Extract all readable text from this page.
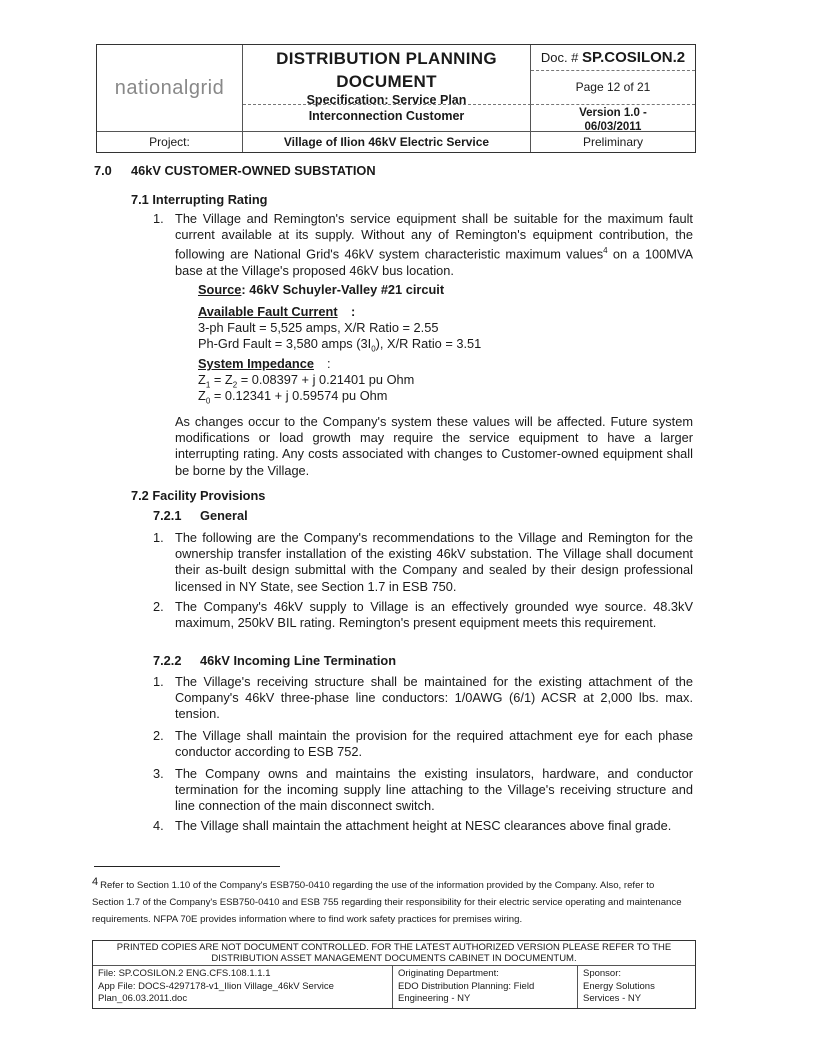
nationalgrid
DISTRIBUTION PLANNING
DOCUMENT
Specification: Service Plan
Interconnection Customer
Doc. # SP.COSILON.2
Page 12 of 21
Version 1.0 -
06/03/2011
Project:	Village of Ilion 46kV Electric Service	Preliminary
7.0 46kV CUSTOMER-OWNED SUBSTATION
7.1 Interrupting Rating
1. The Village and Remington's service equipment shall be suitable for the maximum fault current available at its supply. Without any of Remington's equipment contribution, the following are National Grid's 46kV system characteristic maximum values$^4$ on a 100MVA base at the Village's proposed 46kV bus location.
Source: 46kV Schuyler-Valley #21 circuit
Available Fault Current :
3-ph Fault = 5,525 amps, X/R Ratio = 2.55
Ph-Grd Fault = 3,580 amps $(3I_0)$, X/R Ratio = 3.51
System Impedance :
$Z_1 = Z_2 = 0.08397 + j$ 0.21401 pu Ohm
$Z_0 = 0.12341 + j$ 0.59574 pu Ohm
As changes occur to the Company's system these values will be affected. Future system modifications or load growth may require the service equipment to have a larger interrupting rating. Any costs associated with changes to Customer-owned equipment shall be borne by the Village.
7.2 Facility Provisions
7.2.1 General
1. The following are the Company's recommendations to the Village and Remington for the ownership transfer installation of the existing 46kV substation. The Village shall document their as-built design submittal with the Company and sealed by their design professional licensed in NY State, see Section 1.7 in ESB 750.
2. The Company's 46kV supply to Village is an effectively grounded wye source. 48.3kV maximum, 250kV BIL rating. Remington's present equipment meets this requirement.
7.2.2 46kV Incoming Line Termination
1. The Village's receiving structure shall be maintained for the existing attachment of the Company's 46kV three-phase line conductors: 1/0AWG (6/1) ACSR at 2,000 lbs. max. tension.
2. The Village shall maintain the provision for the required attachment eye for each phase conductor according to ESB 752.
3. The Company owns and maintains the existing insulators, hardware, and conductor termination for the incoming supply line attaching to the Village's receiving structure and line connection of the main disconnect switch.
4. The Village shall maintain the attachment height at NESC clearances above final grade.
4 Refer to Section 1.10 of the Company's ESB750-0410 regarding the use of the information provided by the Company. Also, refer to Section 1.7 of the Company's ESB750-0410 and ESB 755 regarding their responsibility for their electric service operating and maintenance requirements. NFPA 70E provides information where to find work safety practices for premises wiring.
PRINTED COPIES ARE NOT DOCUMENT CONTROLLED. FOR THE LATEST AUTHORIZED VERSION PLEASE REFER TO THE
DISTRIBUTION ASSET MANAGEMENT DOCUMENTS CABINET IN DOCUMENTUM.
File: SP.COSILON.2 ENG.CFS.108.1.1.1
App File: DOCS-4297178-v1_Ilion Village_46kV Service
Plan_06.03.2011.doc
Originating Department:
EDO Distribution Planning: Field
Engineering - NY
Sponsor:
Energy Solutions
Services - NY
